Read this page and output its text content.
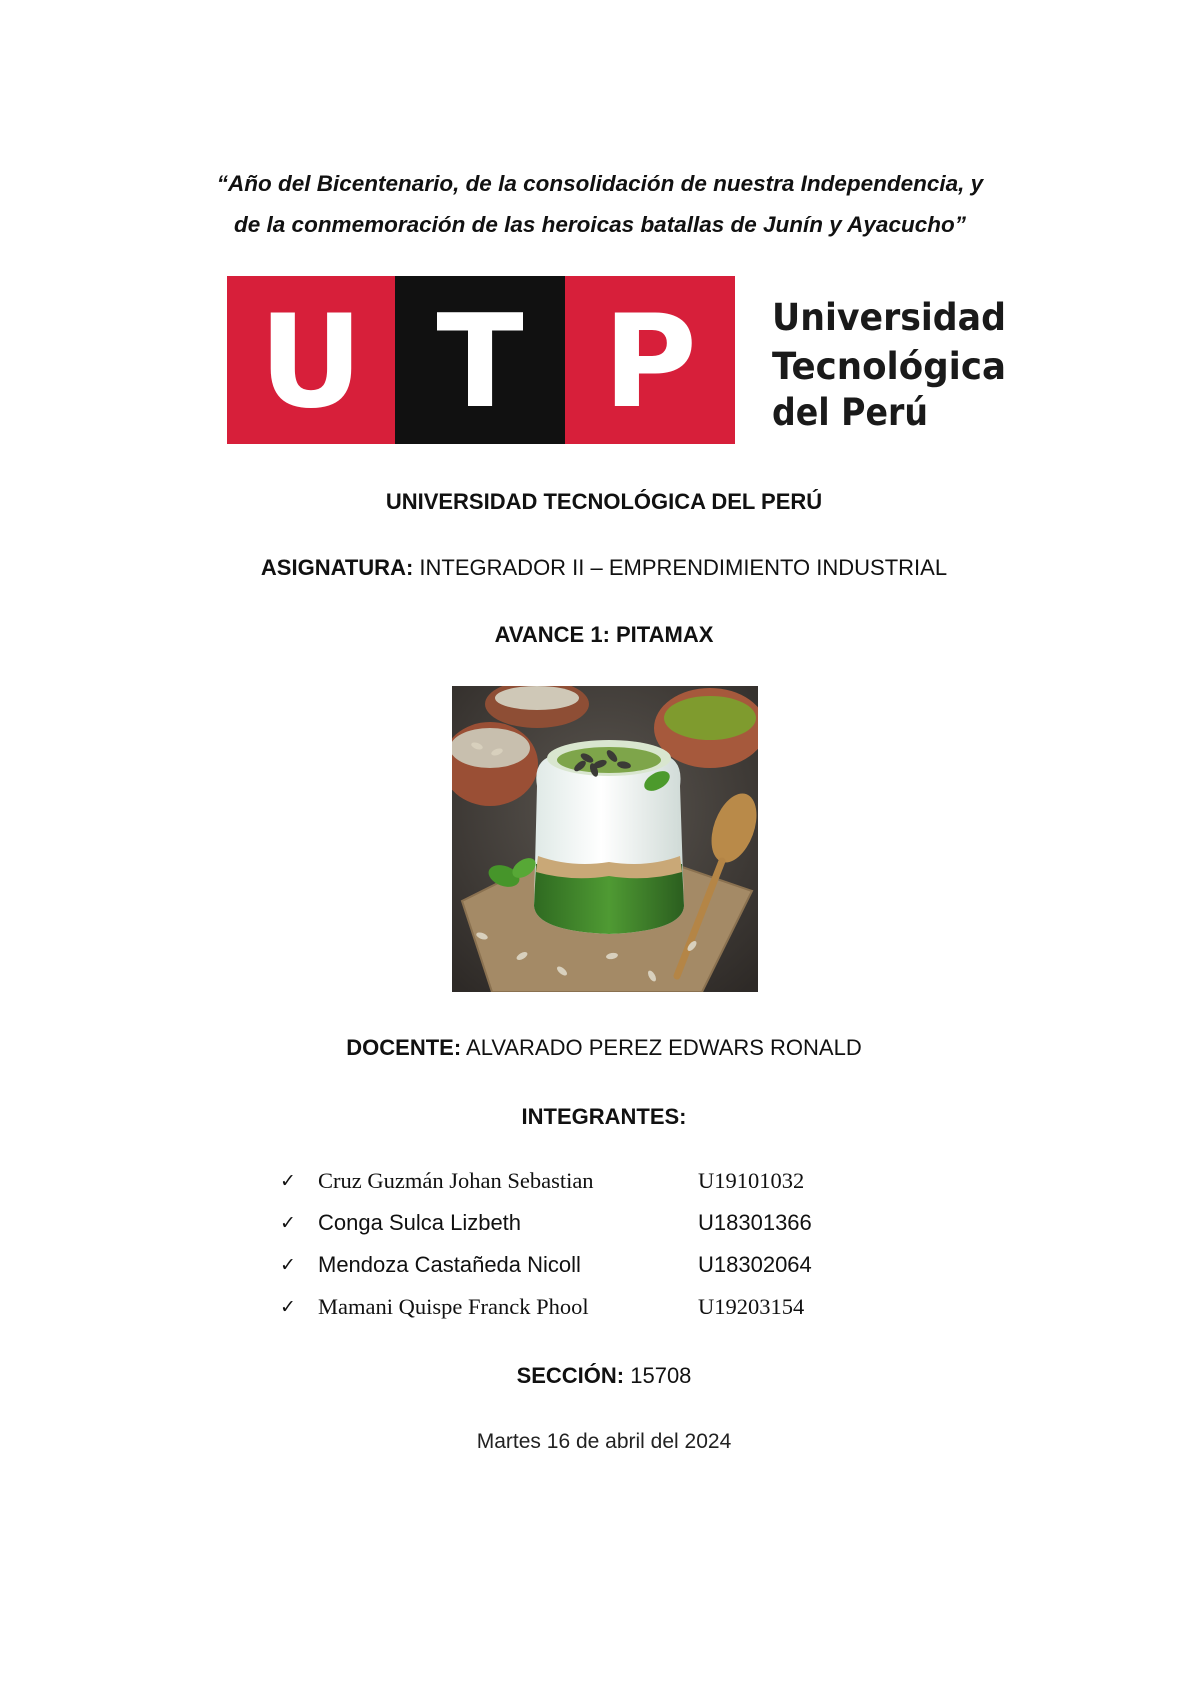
“Año del Bicentenario, de la consolidación de nuestra Independencia, y
de la conmemoración de las heroicas batallas de Junín y Ayacucho”
U T P Universidad
Tecnológica
del Perú
UNIVERSIDAD TECNOLÓGICA DEL PERÚ
ASIGNATURA: INTEGRADOR II – EMPRENDIMIENTO INDUSTRIAL
AVANCE 1: PITAMAX
DOCENTE: ALVARADO PEREZ EDWARS RONALD
INTEGRANTES:
✓ Cruz Guzmán Johan Sebastian	U19101032
✓ Conga Sulca Lizbeth	U18301366
✓ Mendoza Castañeda Nicoll	U18302064
✓ Mamani Quispe Franck Phool	U19203154
SECCIÓN: 15708
Martes 16 de abril del 2024
